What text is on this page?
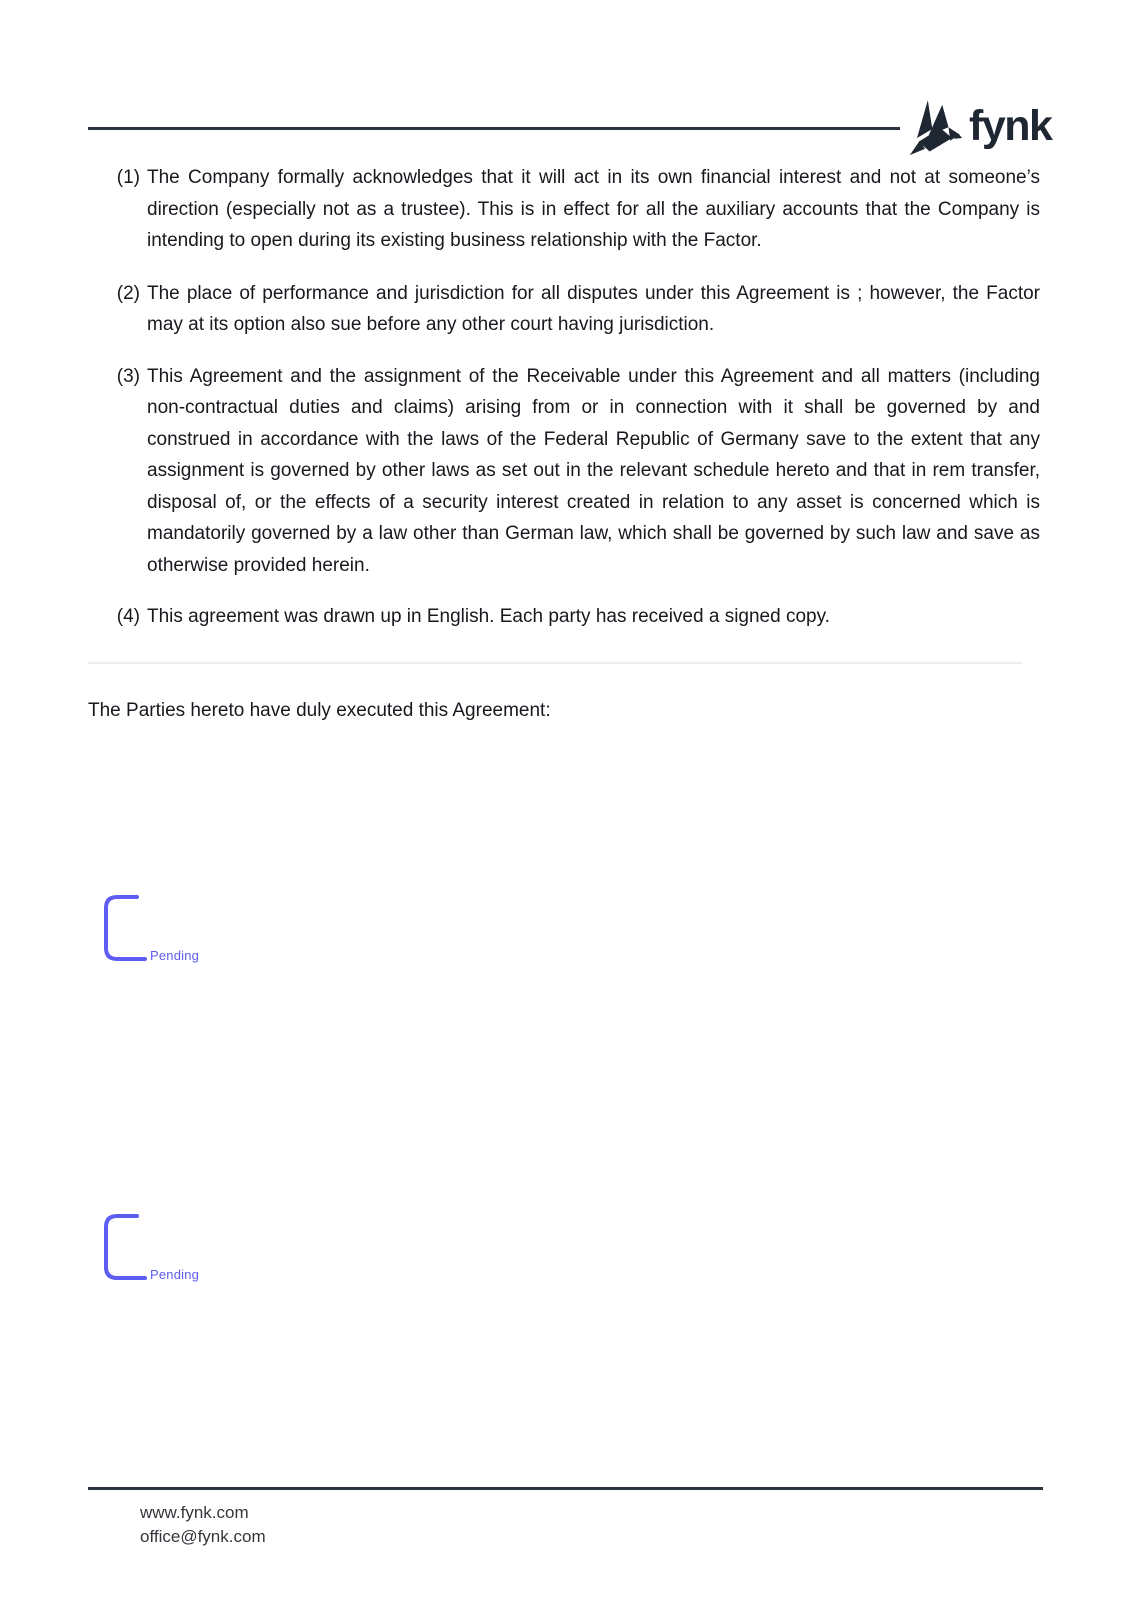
fynk
(1) The Company formally acknowledges that it will act in its own financial interest and not at someone’s direction (especially not as a trustee). This is in effect for all the auxiliary accounts that the Company is intending to open during its existing business relationship with the Factor.
(2) The place of performance and jurisdiction for all disputes under this Agreement is ; however, the Factor may at its option also sue before any other court having jurisdiction.
(3) This Agreement and the assignment of the Receivable under this Agreement and all matters (including non-contractual duties and claims) arising from or in connection with it shall be governed by and construed in accordance with the laws of the Federal Republic of Germany save to the extent that any assignment is governed by other laws as set out in the relevant schedule hereto and that in rem transfer, disposal of, or the effects of a security interest created in relation to any asset is concerned which is mandatorily governed by a law other than German law, which shall be governed by such law and save as otherwise provided herein.
(4) This agreement was drawn up in English. Each party has received a signed copy.
The Parties hereto have duly executed this Agreement:
Pending
Pending
www.fynk.com
office@fynk.com
